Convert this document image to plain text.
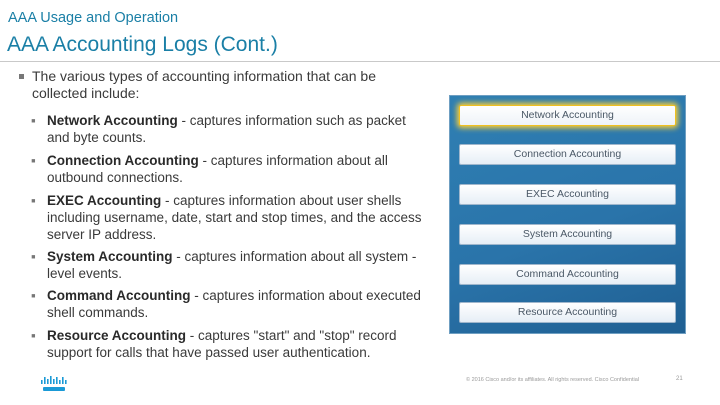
AAA Usage and Operation
AAA Accounting Logs (Cont.)
The various types of accounting information that can be collected include:
▪ Network Accounting - captures information such as packet and byte counts.
▪ Connection Accounting - captures information about all outbound connections.
▪ EXEC Accounting - captures information about user shells including username, date, start and stop times, and the access server IP address.
▪ System Accounting - captures information about all system -level events.
▪ Command Accounting - captures information about executed shell commands.
▪ Resource Accounting - captures "start" and "stop" record support for calls that have passed user authentication.
Network Accounting
Connection Accounting
EXEC Accounting
System Accounting
Command Accounting
Resource Accounting
© 2016 Cisco and/or its affiliates. All rights reserved. Cisco Confidential	21
